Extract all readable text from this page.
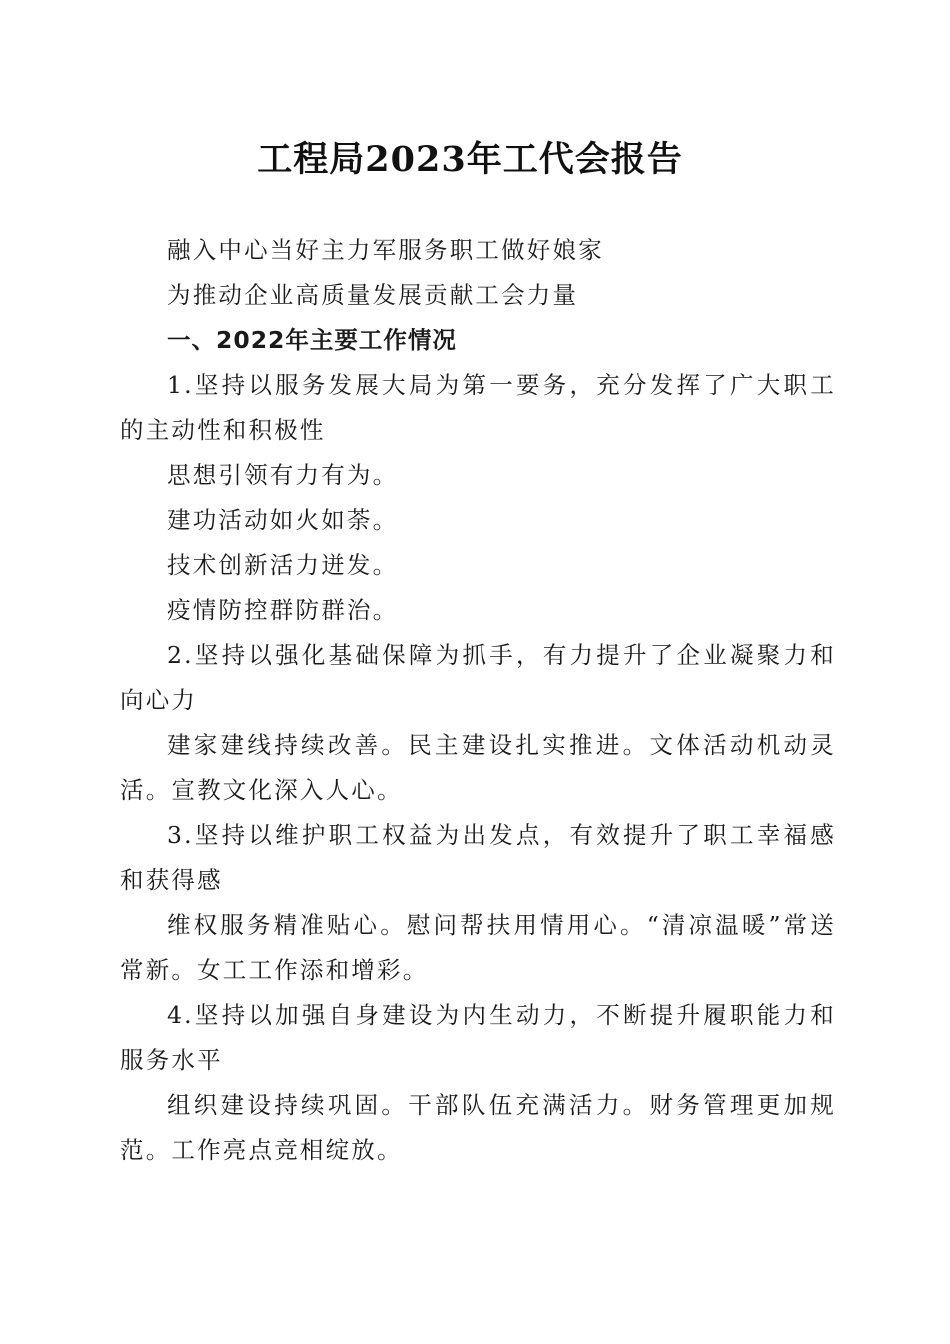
工程局2023年工代会报告

融入中心当好主力军服务职工做好娘家

为推动企业高质量发展贡献工会力量

一、2022年主要工作情况

1.坚持以服务发展大局为第一要务，充分发挥了广大职工的主动性和积极性

思想引领有力有为。

建功活动如火如荼。

技术创新活力迸发。

疫情防控群防群治。

2.坚持以强化基础保障为抓手，有力提升了企业凝聚力和向心力

建家建线持续改善。民主建设扎实推进。文体活动机动灵活。宣教文化深入人心。

3.坚持以维护职工权益为出发点，有效提升了职工幸福感和获得感

维权服务精准贴心。慰问帮扶用情用心。“清凉温暖”常送常新。女工工作添和增彩。

4.坚持以加强自身建设为内生动力，不断提升履职能力和服务水平

组织建设持续巩固。干部队伍充满活力。财务管理更加规范。工作亮点竞相绽放。
